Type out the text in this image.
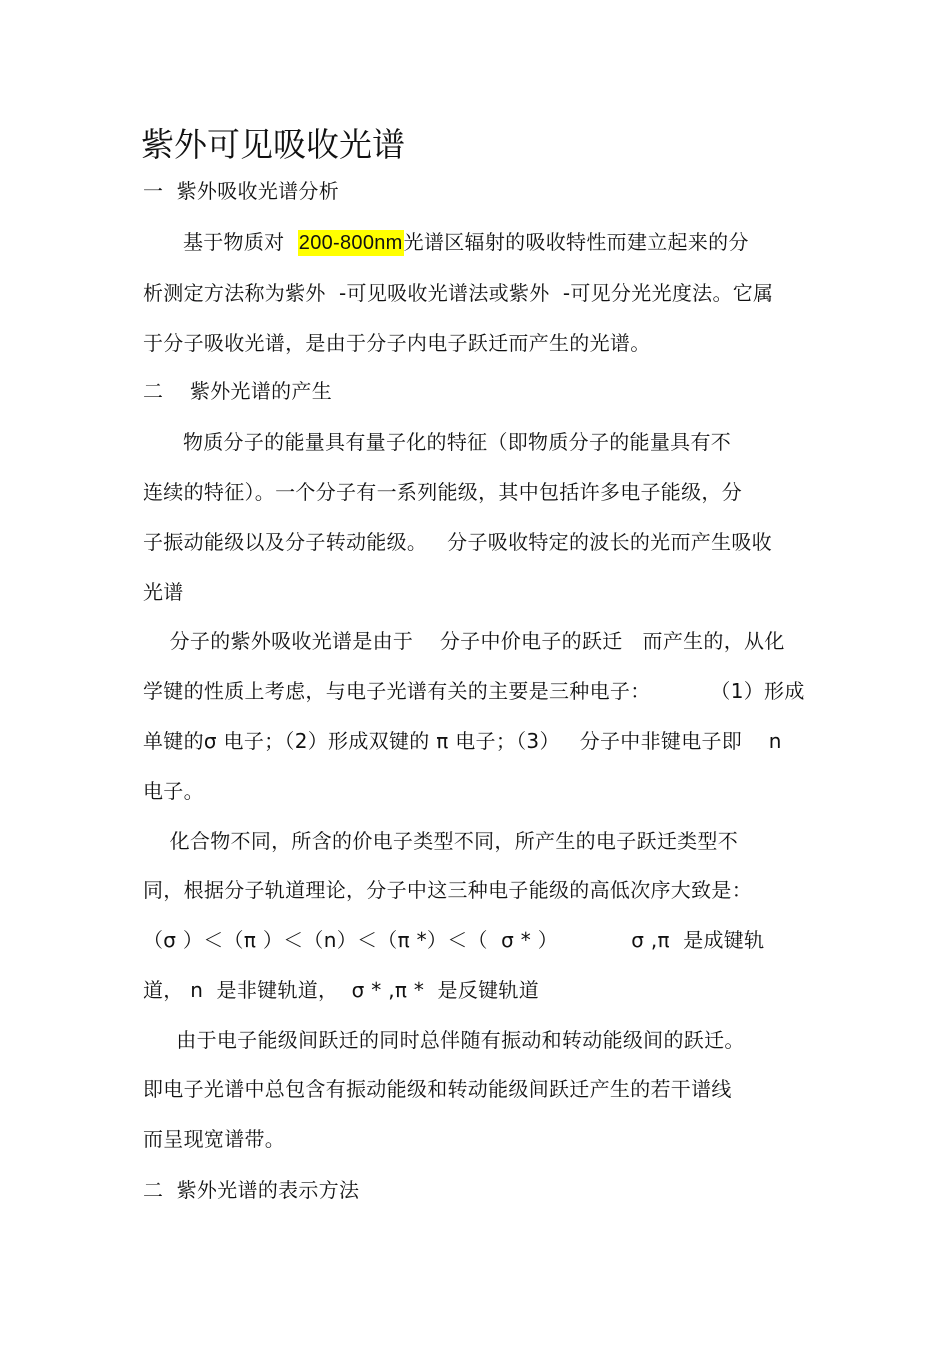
紫外可见吸收光谱
一  紫外吸收光谱分析
基于物质对  200-800nm光谱区辐射的吸收特性而建立起来的分
析测定方法称为紫外  -可见吸收光谱法或紫外  -可见分光光度法。它属
于分子吸收光谱，是由于分子内电子跃迁而产生的光谱。
二    紫外光谱的产生
物质分子的能量具有量子化的特征（即物质分子的能量具有不
连续的特征）。一个分子有一系列能级，其中包括许多电子能级，分
子振动能级以及分子转动能级。   分子吸收特定的波长的光而产生吸收
光谱
分子的紫外吸收光谱是由于    分子中价电子的跃迁   而产生的，从化
学键的性质上考虑，与电子光谱有关的主要是三种电子：         （1）形成
单键的σ 电子；（2）形成双键的 π 电子；（3）   分子中非键电子即    n
电子。
化合物不同，所含的价电子类型不同，所产生的电子跃迁类型不
同，根据分子轨道理论，分子中这三种电子能级的高低次序大致是：
（σ ）＜（π ）＜（n）＜（π *）＜（  σ * ）           σ ,π  是成键轨
道， n  是非键轨道，  σ * ,π *  是反键轨道
由于电子能级间跃迁的同时总伴随有振动和转动能级间的跃迁。
即电子光谱中总包含有振动能级和转动能级间跃迁产生的若干谱线
而呈现宽谱带。
二  紫外光谱的表示方法
